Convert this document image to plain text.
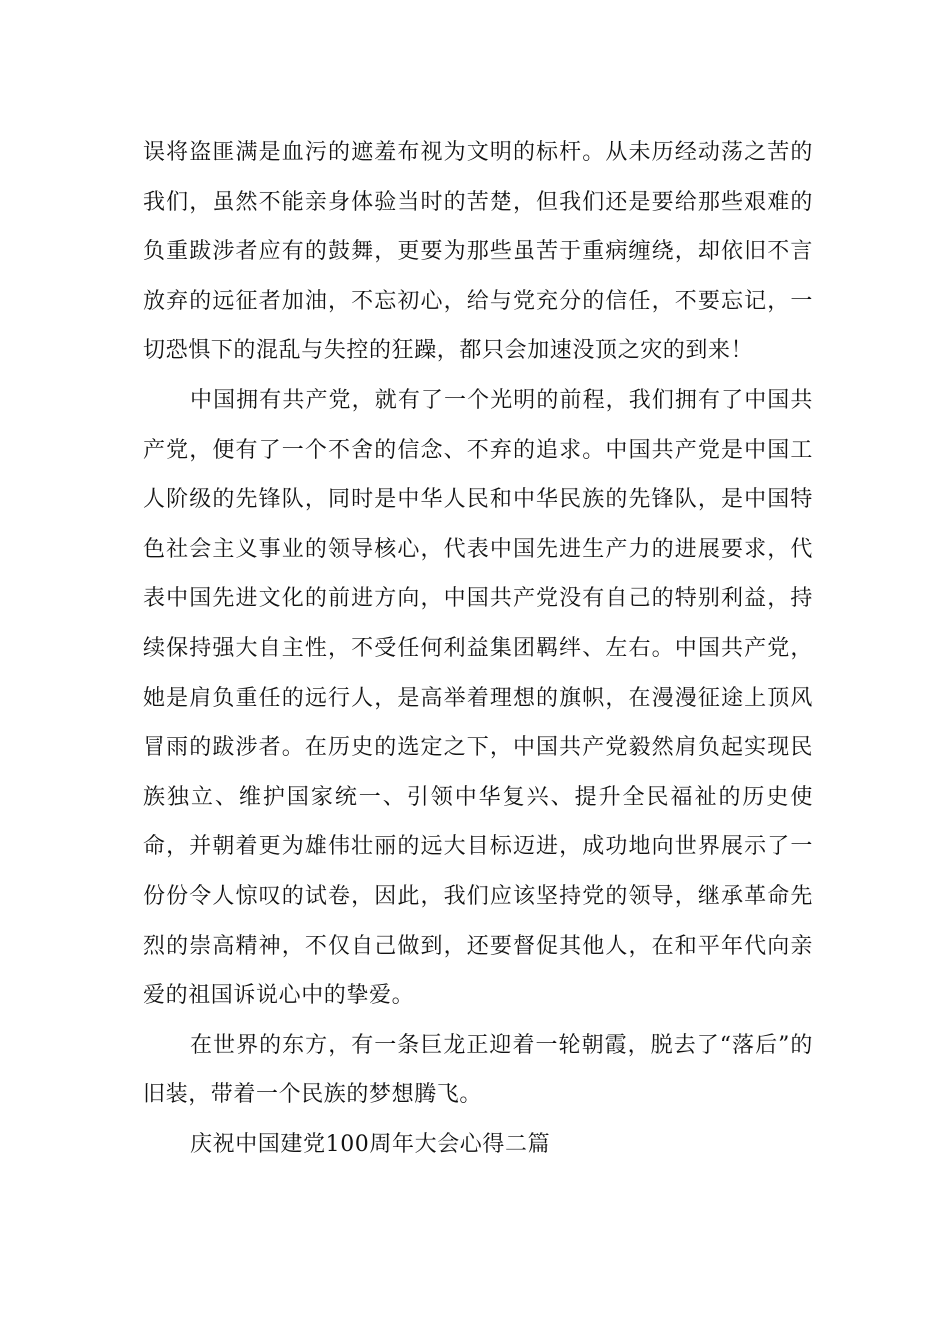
误将盗匪满是血污的遮羞布视为文明的标杆。从未历经动荡之苦的我们，虽然不能亲身体验当时的苦楚，但我们还是要给那些艰难的负重跋涉者应有的鼓舞，更要为那些虽苦于重病缠绕，却依旧不言放弃的远征者加油，不忘初心，给与党充分的信任，不要忘记，一切恐惧下的混乱与失控的狂躁，都只会加速没顶之灾的到来！

中国拥有共产党，就有了一个光明的前程，我们拥有了中国共产党，便有了一个不舍的信念、不弃的追求。中国共产党是中国工人阶级的先锋队，同时是中华人民和中华民族的先锋队，是中国特色社会主义事业的领导核心，代表中国先进生产力的进展要求，代表中国先进文化的前进方向，中国共产党没有自己的特别利益，持续保持强大自主性，不受任何利益集团羁绊、左右。中国共产党，她是肩负重任的远行人，是高举着理想的旗帜，在漫漫征途上顶风冒雨的跋涉者。在历史的选定之下，中国共产党毅然肩负起实现民族独立、维护国家统一、引领中华复兴、提升全民福祉的历史使命，并朝着更为雄伟壮丽的远大目标迈进，成功地向世界展示了一份份令人惊叹的试卷，因此，我们应该坚持党的领导，继承革命先烈的崇高精神，不仅自己做到，还要督促其他人，在和平年代向亲爱的祖国诉说心中的挚爱。

在世界的东方，有一条巨龙正迎着一轮朝霞，脱去了“落后”的旧装，带着一个民族的梦想腾飞。

庆祝中国建党100周年大会心得二篇
